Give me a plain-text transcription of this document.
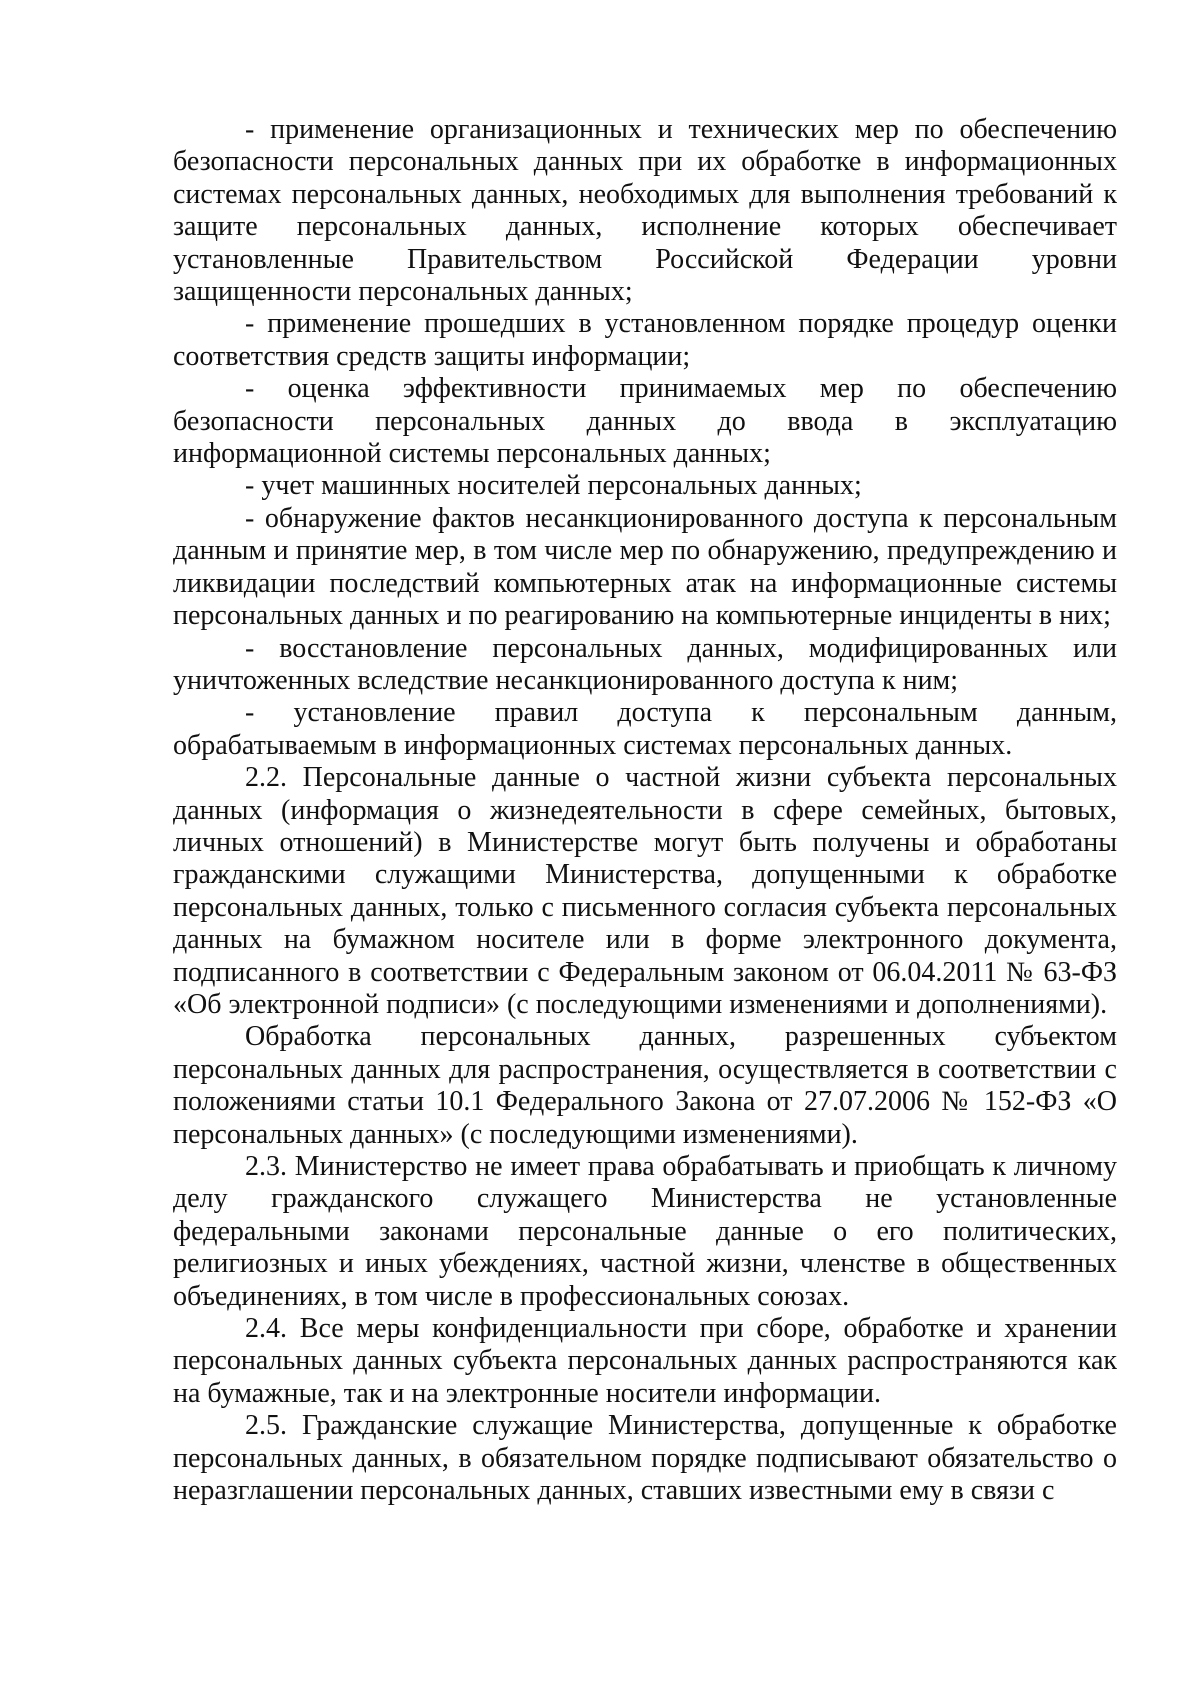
- применение организационных и технических мер по обеспечению безопасности персональных данных при их обработке в информационных системах персональных данных, необходимых для выполнения требований к защите персональных данных, исполнение которых обеспечивает установленные Правительством Российской Федерации уровни защищенности персональных данных;

- применение прошедших в установленном порядке процедур оценки соответствия средств защиты информации;

- оценка эффективности принимаемых мер по обеспечению безопасности персональных данных до ввода в эксплуатацию информационной системы персональных данных;

- учет машинных носителей персональных данных;

- обнаружение фактов несанкционированного доступа к персональным данным и принятие мер, в том числе мер по обнаружению, предупреждению и ликвидации последствий компьютерных атак на информационные системы персональных данных и по реагированию на компьютерные инциденты в них;

- восстановление персональных данных, модифицированных или уничтоженных вследствие несанкционированного доступа к ним;

- установление правил доступа к персональным данным, обрабатываемым в информационных системах персональных данных.

2.2. Персональные данные о частной жизни субъекта персональных данных (информация о жизнедеятельности в сфере семейных, бытовых, личных отношений) в Министерстве могут быть получены и обработаны гражданскими служащими Министерства, допущенными к обработке персональных данных, только с письменного согласия субъекта персональных данных на бумажном носителе или в форме электронного документа, подписанного в соответствии с Федеральным законом от 06.04.2011 № 63-ФЗ «Об электронной подписи» (с последующими изменениями и дополнениями).

Обработка персональных данных, разрешенных субъектом персональных данных для распространения, осуществляется в соответствии с положениями статьи 10.1 Федерального Закона от 27.07.2006 № 152-ФЗ «О персональных данных» (с последующими изменениями).

2.3. Министерство не имеет права обрабатывать и приобщать к личному делу гражданского служащего Министерства не установленные федеральными законами персональные данные о его политических, религиозных и иных убеждениях, частной жизни, членстве в общественных объединениях, в том числе в профессиональных союзах.

2.4. Все меры конфиденциальности при сборе, обработке и хранении персональных данных субъекта персональных данных распространяются как на бумажные, так и на электронные носители информации.

2.5. Гражданские служащие Министерства, допущенные к обработке персональных данных, в обязательном порядке подписывают обязательство о неразглашении персональных данных, ставших известными ему в связи с
